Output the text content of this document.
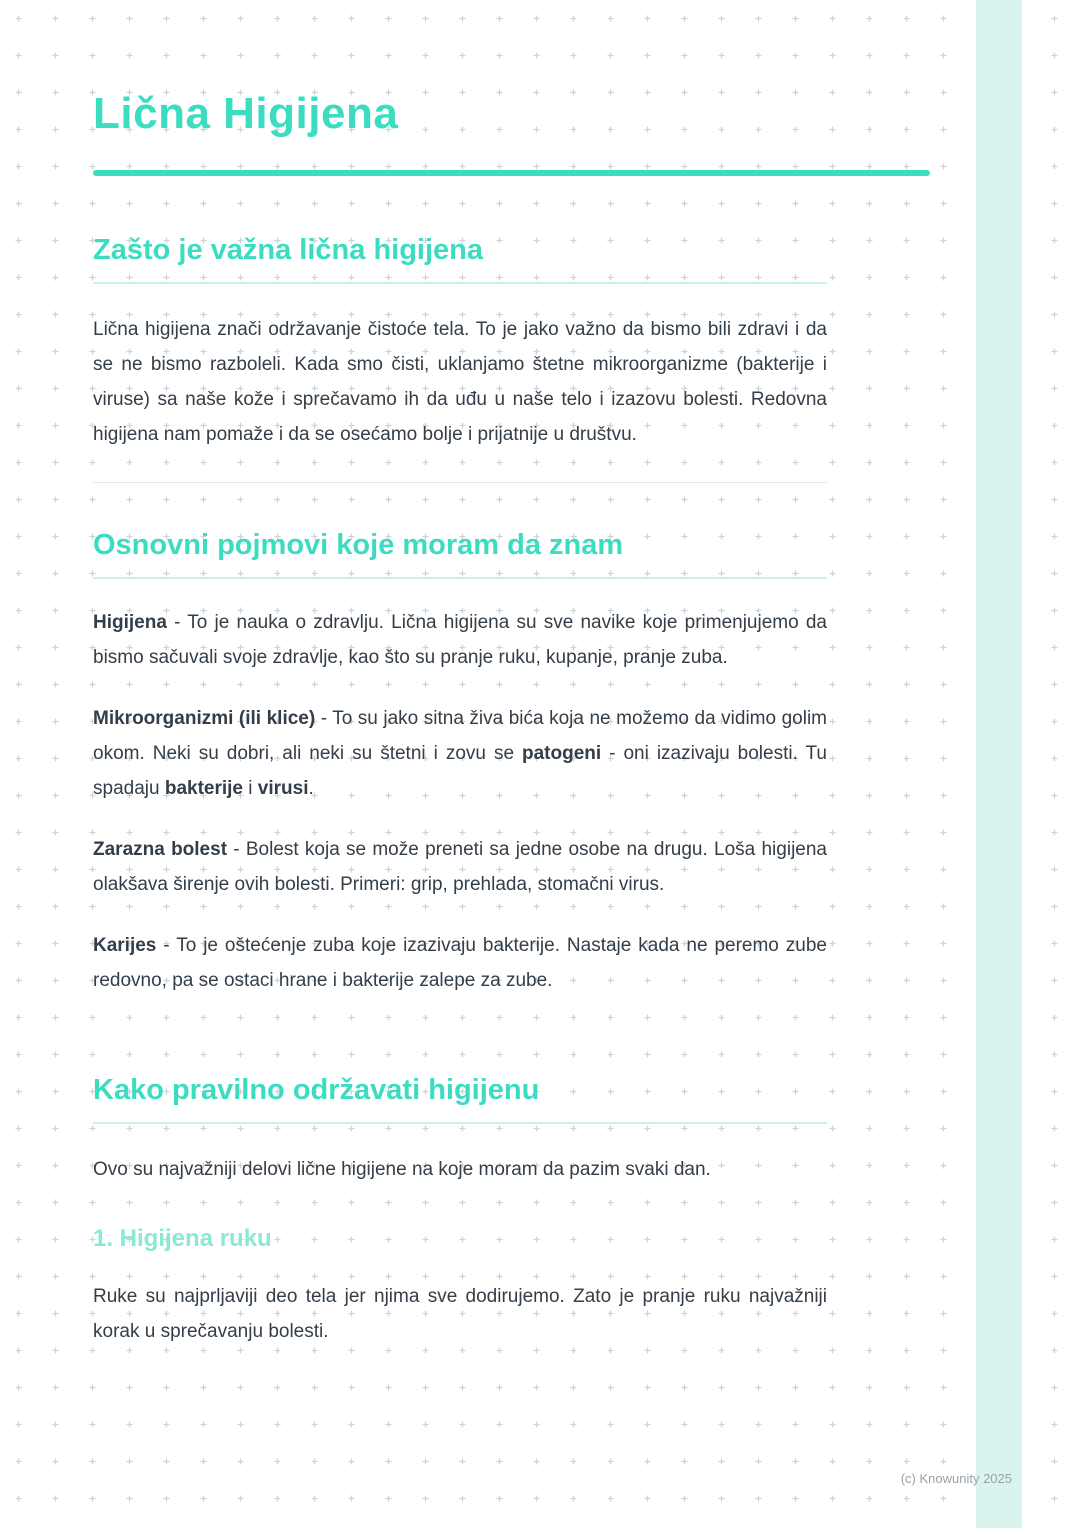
Lična Higijena
Zašto je važna lična higijena

Lična higijena znači održavanje čistoće tela. To je jako važno da bismo bili zdravi i da se ne bismo razboleli. Kada smo čisti, uklanjamo štetne mikroorganizme (bakterije i viruse) sa naše kože i sprečavamo ih da uđu u naše telo i izazovu bolesti. Redovna higijena nam pomaže i da se osećamo bolje i prijatnije u društvu.

Osnovni pojmovi koje moram da znam

Higijena - To je nauka o zdravlju. Lična higijena su sve navike koje primenjujemo da bismo sačuvali svoje zdravlje, kao što su pranje ruku, kupanje, pranje zuba.

Mikroorganizmi (ili klice) - To su jako sitna živa bića koja ne možemo da vidimo golim okom. Neki su dobri, ali neki su štetni i zovu se patogeni - oni izazivaju bolesti. Tu spadaju bakterije i virusi.

Zarazna bolest - Bolest koja se može preneti sa jedne osobe na drugu. Loša higijena olakšava širenje ovih bolesti. Primeri: grip, prehlada, stomačni virus.

Karijes - To je oštećenje zuba koje izazivaju bakterije. Nastaje kada ne peremo zube redovno, pa se ostaci hrane i bakterije zalepe za zube.

Kako pravilno održavati higijenu

Ovo su najvažniji delovi lične higijene na koje moram da pazim svaki dan.

1. Higijena ruku

Ruke su najprljaviji deo tela jer njima sve dodirujemo. Zato je pranje ruku najvažniji korak u sprečavanju bolesti.

(c) Knowunity 2025
